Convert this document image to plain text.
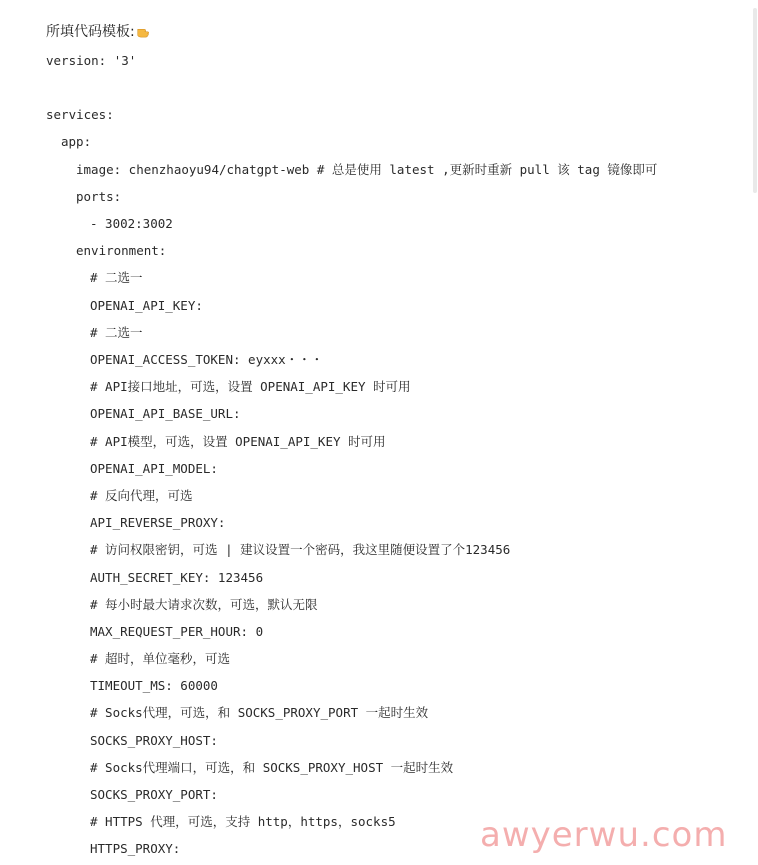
所填代码模板:
version: '3'
services:
app:
image: chenzhaoyu94/chatgpt-web # 总是使用 latest ,更新时重新 pull 该 tag 镜像即可
ports:
- 3002:3002
environment:
# 二选一
OPENAI_API_KEY:
# 二选一
OPENAI_ACCESS_TOKEN: eyxxx・・・
# API接口地址，可选，设置 OPENAI_API_KEY 时可用
OPENAI_API_BASE_URL:
# API模型，可选，设置 OPENAI_API_KEY 时可用
OPENAI_API_MODEL:
# 反向代理，可选
API_REVERSE_PROXY:
# 访问权限密钥，可选 | 建议设置一个密码，我这里随便设置了个123456
AUTH_SECRET_KEY: 123456
# 每小时最大请求次数，可选，默认无限
MAX_REQUEST_PER_HOUR: 0
# 超时，单位毫秒，可选
TIMEOUT_MS: 60000
# Socks代理，可选，和 SOCKS_PROXY_PORT 一起时生效
SOCKS_PROXY_HOST:
# Socks代理端口，可选，和 SOCKS_PROXY_HOST 一起时生效
SOCKS_PROXY_PORT:
# HTTPS 代理，可选，支持 http，https，socks5
HTTPS_PROXY:	awyerwu.com
